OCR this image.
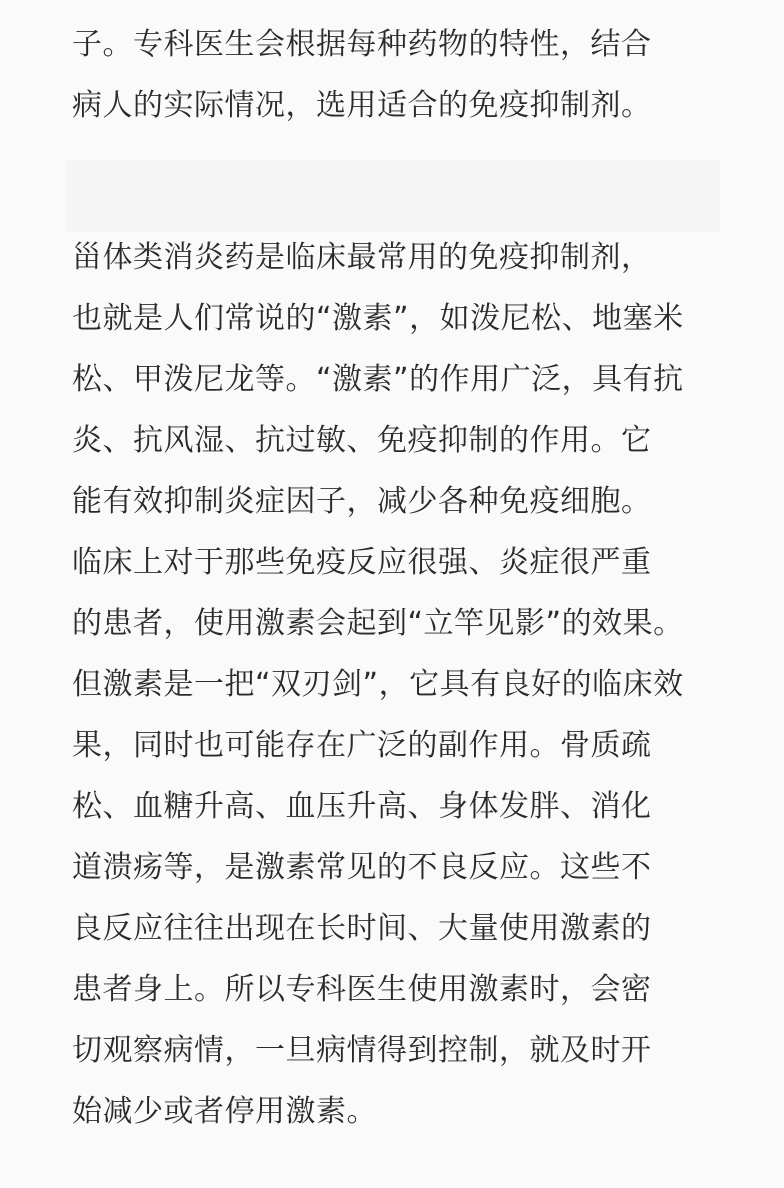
子。专科医生会根据每种药物的特性，结合
病人的实际情况，选用适合的免疫抑制剂。

甾体类消炎药是临床最常用的免疫抑制剂，
也就是人们常说的“激素”，如泼尼松、地塞米
松、甲泼尼龙等。“激素”的作用广泛，具有抗
炎、抗风湿、抗过敏、免疫抑制的作用。它
能有效抑制炎症因子，减少各种免疫细胞。
临床上对于那些免疫反应很强、炎症很严重
的患者，使用激素会起到“立竿见影”的效果。
但激素是一把“双刃剑”，它具有良好的临床效
果，同时也可能存在广泛的副作用。骨质疏
松、血糖升高、血压升高、身体发胖、消化
道溃疡等，是激素常见的不良反应。这些不
良反应往往出现在长时间、大量使用激素的
患者身上。所以专科医生使用激素时，会密
切观察病情，一旦病情得到控制，就及时开
始减少或者停用激素。
